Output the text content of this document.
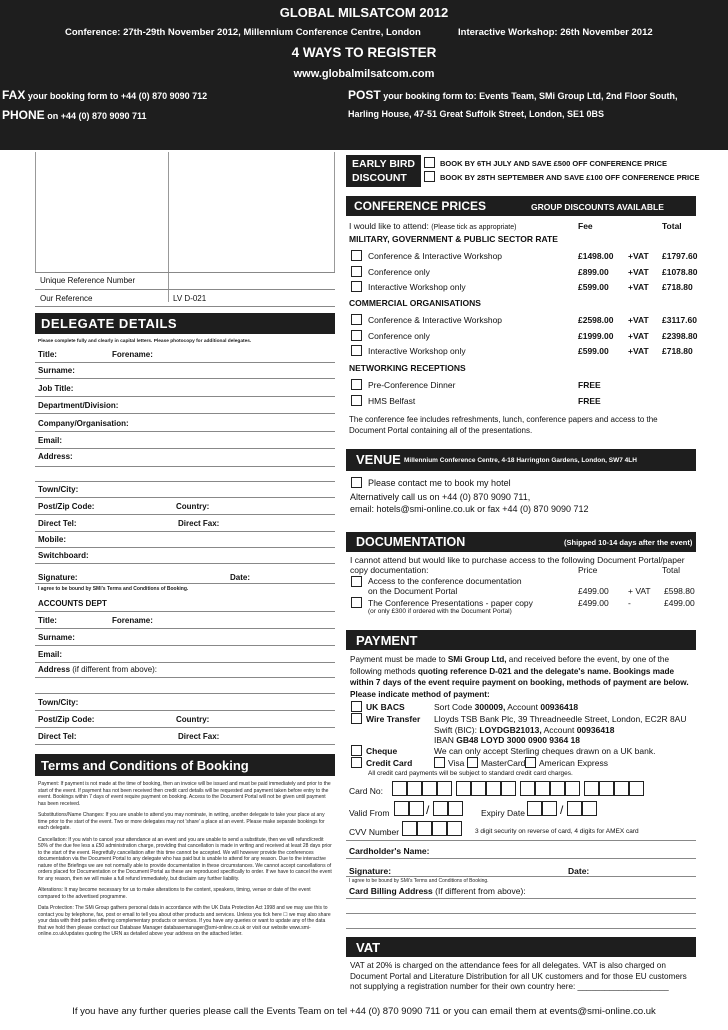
GLOBAL MILSATCOM 2012
Conference: 27th-29th November 2012, Millennium Conference Centre, London	Interactive Workshop: 26th November 2012
4 WAYS TO REGISTER
www.globalmilsatcom.com
FAX your booking form to +44 (0) 870 9090 712
PHONE on +44 (0) 870 9090 711
POST your booking form to: Events Team, SMi Group Ltd, 2nd Floor South,
Harling House, 47-51 Great Suffolk Street, London, SE1 0BS
Unique Reference Number
Our Reference	LV D-021
DELEGATE DETAILS
Please complete fully and clearly in capital letters. Please photocopy for additional delegates.
Title:	Forename:
Surname:
Job Title:
Department/Division:
Company/Organisation:
Email:
Address:
Town/City:
Post/Zip Code:	Country:
Direct Tel:	Direct Fax:
Mobile:
Switchboard:
Signature:	Date:
I agree to be bound by SMi's Terms and Conditions of Booking.
ACCOUNTS DEPT
Title:	Forename:
Surname:
Email:
Address (if different from above):
Town/City:
Post/Zip Code:	Country:
Direct Tel:	Direct Fax:
Terms and Conditions of Booking

Payment: If payment is not made at the time of booking, then an invoice will be issued and must be paid immediately and prior to the start of the event. If payment has not been received then credit card details will be requested and payment taken before entry to the event. Bookings within 7 days of event require payment on booking. Access to the Document Portal will not be given until payment has been received.

Substitutions/Name Changes: If you are unable to attend you may nominate, in writing, another delegate to take your place at any time prior to the start of the event. Two or more delegates may not 'share' a place at an event. Please make separate bookings for each delegate.

Cancellation: If you wish to cancel your attendance at an event and you are unable to send a substitute, then we will refund/credit 50% of the due fee less a £50 administration charge, providing that cancellation is made in writing and received at least 28 days prior to the start of the event. Regretfully cancellation after this time cannot be accepted. We will however provide the conferences documentation via the Document Portal to any delegate who has paid but is unable to attend for any reason. Due to the interactive nature of the Briefings we are not normally able to provide documentation in these circumstances. We cannot accept cancellations of orders placed for Documentation or the Document Portal as these are reproduced specifically to order. If we have to cancel the event for any reason, then we will make a full refund immediately, but disclaim any further liability.

Alterations: It may become necessary for us to make alterations to the content, speakers, timing, venue or date of the event compared to the advertised programme.

Data Protection: The SMi Group gathers personal data in accordance with the UK Data Protection Act 1998 and we may use this to contact you by telephone, fax, post or email to tell you about other products and services. Unless you tick here ☐ we may also share your data with third parties offering complementary products or services. If you have any queries or want to update any of the data that we hold then please contact our Database Manager databasemanager@smi-online.co.uk or visit our website www.smi-online.co.uk/updates quoting the URN as detailed above your address on the attached letter.

EARLY BIRD
DISCOUNT
BOOK BY 6TH JULY AND SAVE £500 OFF CONFERENCE PRICE
BOOK BY 28TH SEPTEMBER AND SAVE £100 OFF CONFERENCE PRICE
CONFERENCE PRICES	GROUP DISCOUNTS AVAILABLE
I would like to attend: (Please tick as appropriate)	Fee	Total
MILITARY, GOVERNMENT & PUBLIC SECTOR RATE
Conference & Interactive Workshop	£1498.00 +VAT £1797.60
Conference only	£899.00 +VAT £1078.80
Interactive Workshop only	£599.00 +VAT £718.80
COMMERCIAL ORGANISATIONS
Conference & Interactive Workshop	£2598.00 +VAT £3117.60
Conference only	£1999.00 +VAT £2398.80
Interactive Workshop only	£599.00 +VAT £718.80
NETWORKING RECEPTIONS
Pre-Conference Dinner	FREE
HMS Belfast	FREE
The conference fee includes refreshments, lunch, conference papers and access to the Document Portal containing all of the presentations.
VENUE Millennium Conference Centre, 4-18 Harrington Gardens, London, SW7 4LH
Please contact me to book my hotel
Alternatively call us on +44 (0) 870 9090 711,
email: hotels@smi-online.co.uk or fax +44 (0) 870 9090 712
DOCUMENTATION	(Shipped 10-14 days after the event)
I cannot attend but would like to purchase access to the following Document Portal/paper copy documentation:	Price	Total
Access to the conference documentation
on the Document Portal	£499.00 + VAT £598.80
The Conference Presentations - paper copy	£499.00 -	£499.00
(or only £300 if ordered with the Document Portal)
PAYMENT
Payment must be made to SMi Group Ltd, and received before the event, by one of the following methods quoting reference D-021 and the delegate's name. Bookings made within 7 days of the event require payment on booking, methods of payment are below. Please indicate method of payment:
UK BACS	Sort Code 300009, Account 00936418
Wire Transfer Lloyds TSB Bank Plc, 39 Threadneedle Street, London, EC2R 8AU
Swift (BIC): LOYDGB21013, Account 00936418
IBAN GB48 LOYD 3000 0900 9364 18
Cheque	We can only accept Sterling cheques drawn on a UK bank.
Credit Card	Visa MasterCard American Express
All credit card payments will be subject to standard credit card charges.
Card No:
Valid From	/	Expiry Date	/
CVV Number	3 digit security on reverse of card, 4 digits for AMEX card
Cardholder's Name:
Signature:	Date:
I agree to be bound by SMi's Terms and Conditions of Booking.
Card Billing Address (If different from above):
VAT
VAT at 20% is charged on the attendance fees for all delegates. VAT is also charged on Document Portal and Literature Distribution for all UK customers and for those EU customers not supplying a registration number for their own country here: ____________________
If you have any further queries please call the Events Team on tel +44 (0) 870 9090 711 or you can email them at events@smi-online.co.uk
